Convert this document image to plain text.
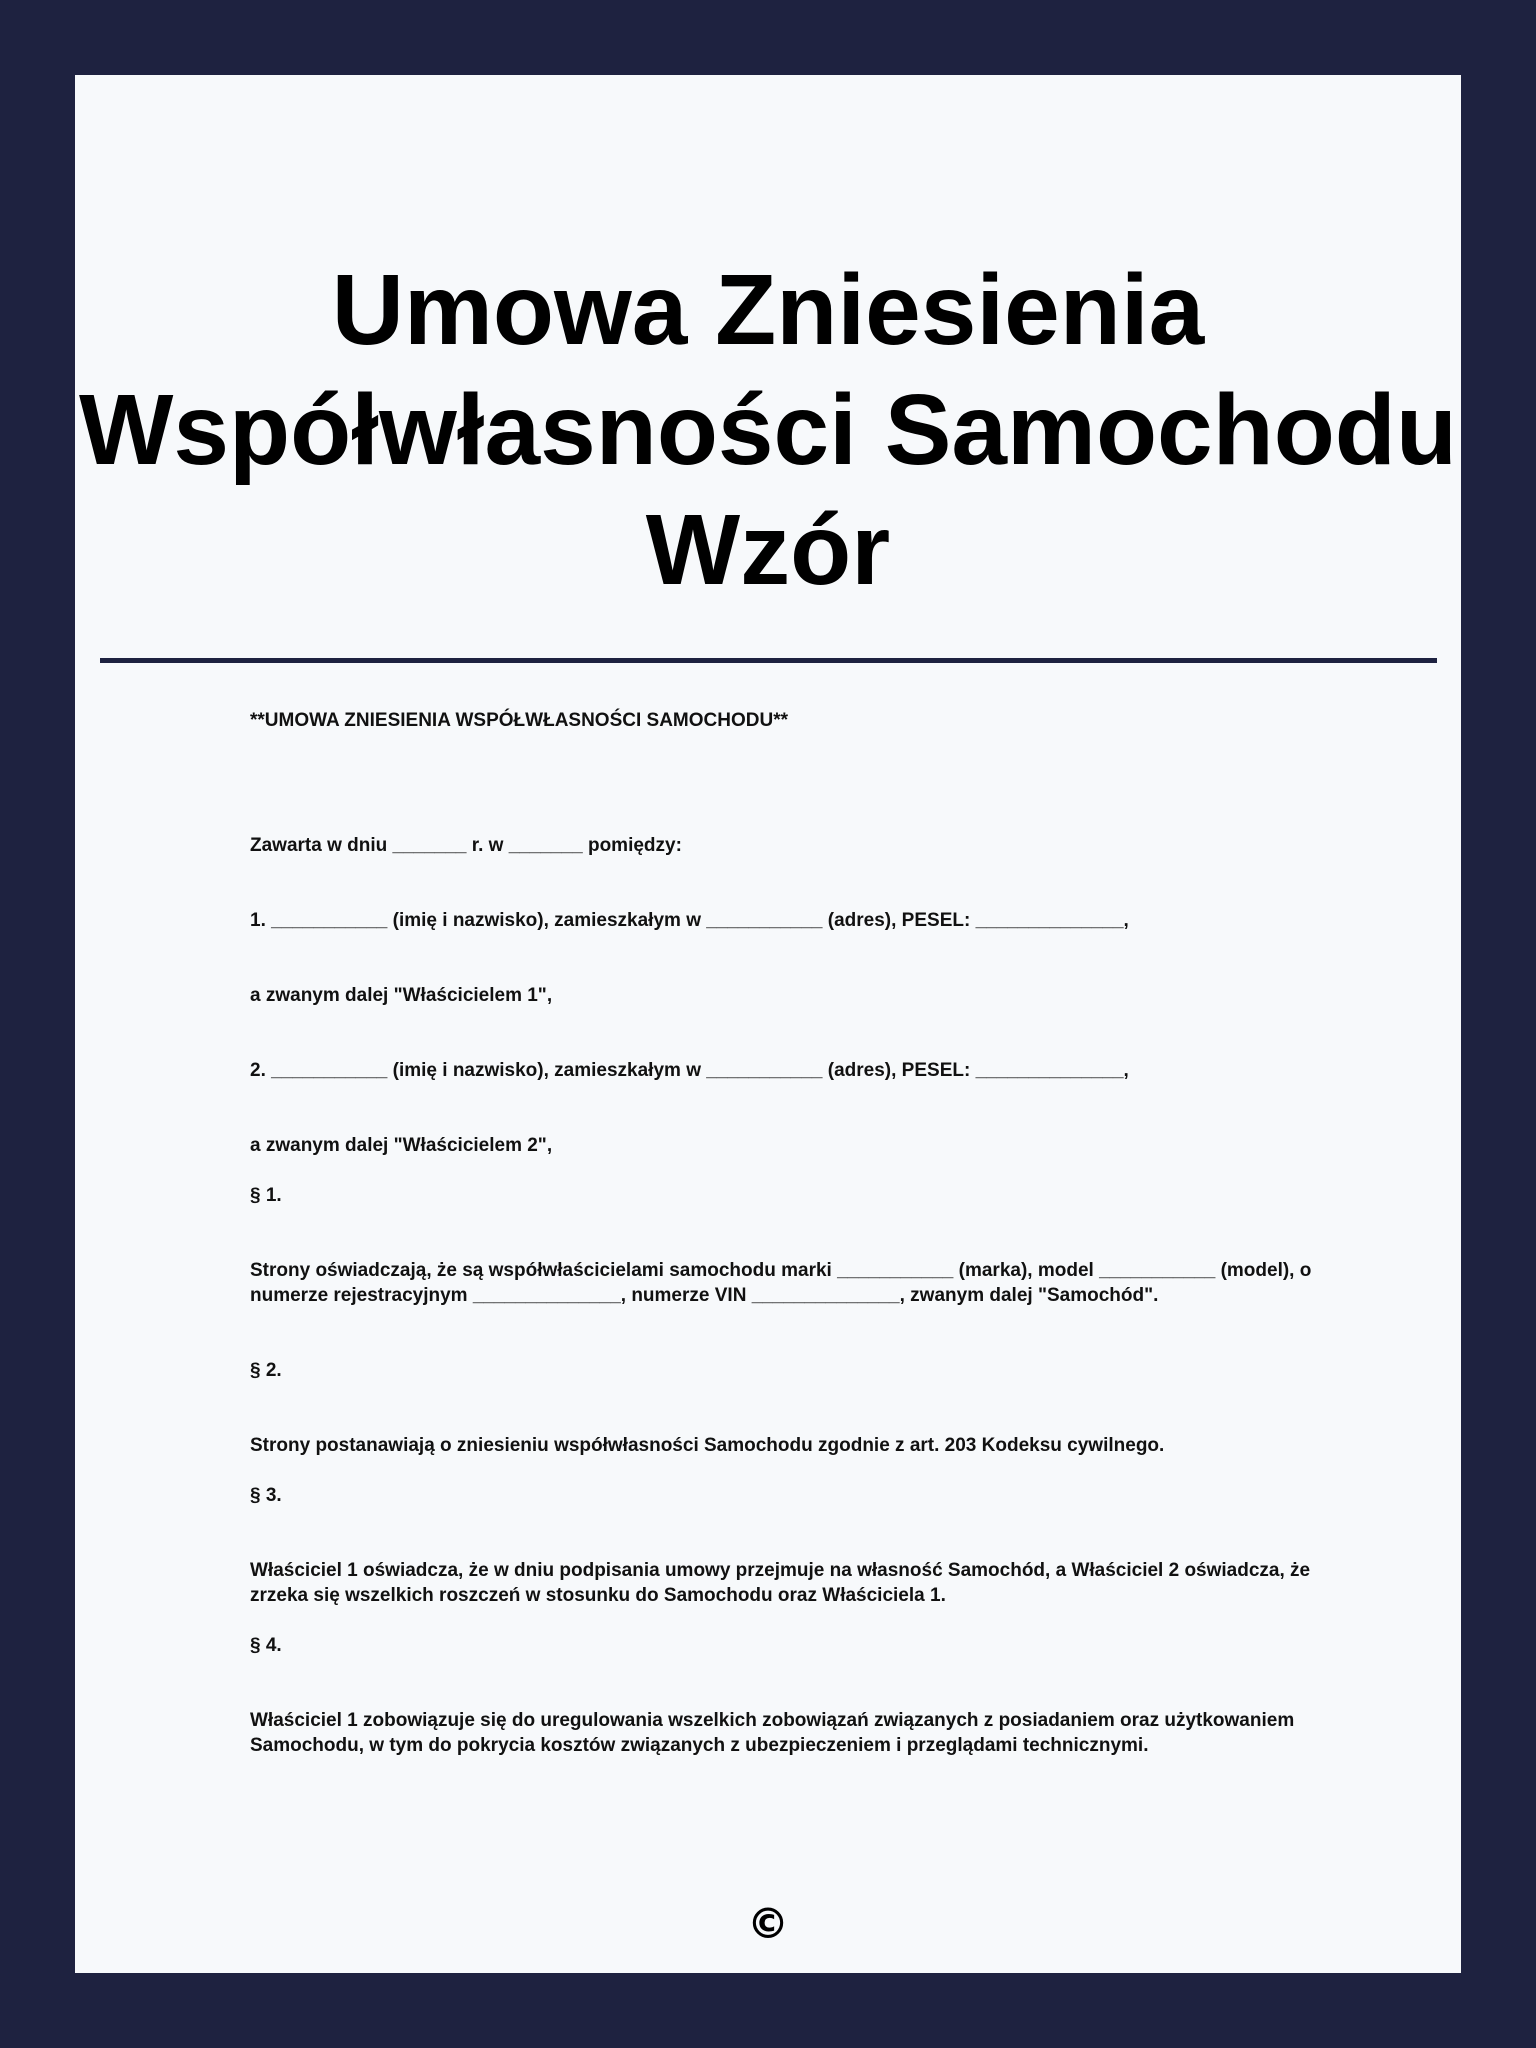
Umowa Zniesienia
Współwłasności Samochodu
Wzór

**UMOWA ZNIESIENIA WSPÓŁWŁASNOŚCI SAMOCHODU**

Zawarta w dniu _______ r. w _______ pomiędzy:

1. ___________ (imię i nazwisko), zamieszkałym w ___________ (adres), PESEL: ______________,

a zwanym dalej "Właścicielem 1",

2. ___________ (imię i nazwisko), zamieszkałym w ___________ (adres), PESEL: ______________,

a zwanym dalej "Właścicielem 2",

§ 1.

Strony oświadczają, że są współwłaścicielami samochodu marki ___________ (marka), model ___________ (model), o numerze rejestracyjnym ______________, numerze VIN ______________, zwanym dalej "Samochód".

§ 2.

Strony postanawiają o zniesieniu współwłasności Samochodu zgodnie z art. 203 Kodeksu cywilnego.

§ 3.

Właściciel 1 oświadcza, że w dniu podpisania umowy przejmuje na własność Samochód, a Właściciel 2 oświadcza, że zrzeka się wszelkich roszczeń w stosunku do Samochodu oraz Właściciela 1.

§ 4.

Właściciel 1 zobowiązuje się do uregulowania wszelkich zobowiązań związanych z posiadaniem oraz użytkowaniem Samochodu, w tym do pokrycia kosztów związanych z ubezpieczeniem i przeglądami technicznymi.

©
